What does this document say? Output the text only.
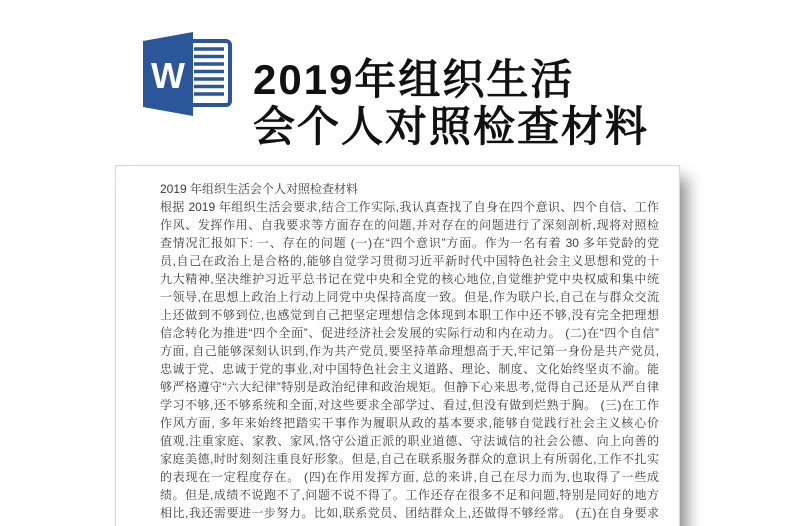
W 2019年组织生活
会个人对照检查材料
2019 年组织生活会个人对照检查材料
根据 2019 年组织生活会要求,结合工作实际,我认真查找了自身在四个意识、四个自信、工作
作风、发挥作用、自我要求等方面存在的问题,并对存在的问题进行了深刻剖析,现将对照检
查情况汇报如下: 一、存在的问题 (一)在“四个意识”方面。作为一名有着 30 多年党龄的党
员,自己在政治上是合格的,能够自觉学习贯彻习近平新时代中国特色社会主义思想和党的十
九大精神,坚决维护习近平总书记在党中央和全党的核心地位,自觉维护党中央权威和集中统
一领导,在思想上政治上行动上同党中央保持高度一致。但是,作为联户长,自己在与群众交流
上还做到不够到位,也感觉到自己把坚定理想信念体现到本职工作中还不够,没有完全把理想
信念转化为推进“四个全面”、促进经济社会发展的实际行动和内在动力。 (二)在“四个自信”
方面, 自己能够深刻认识到,作为共产党员,要坚持革命理想高于天,牢记第一身份是共产党员,
忠诚于党、忠诚于党的事业,对中国特色社会主义道路、理论、制度、文化始终坚贞不渝。能
够严格遵守“六大纪律”特别是政治纪律和政治规矩。但静下心来思考,觉得自己还是从严自律
学习不够,还不够系统和全面,对这些要求全部学过、看过,但没有做到烂熟于胸。 (三)在工作
作风方面, 多年来始终把踏实干事作为履职从政的基本要求,能够自觉践行社会主义核心价
值观,注重家庭、家教、家风,恪守公道正派的职业道德、守法诚信的社会公德、向上向善的
家庭美德,时时刻刻注重良好形象。但是,自己在联系服务群众的意识上有所弱化,工作不扎实
的表现在一定程度存在。 (四)在作用发挥方面, 总的来讲,自己在尽力而为,也取得了一些成
绩。但是,成绩不说跑不了,问题不说不得了。工作还存在很多不足和问题,特别是同好的地方
相比,我还需要进一步努力。比如,联系党员、团结群众上,还做得不够经常。 (五)在自身要求
